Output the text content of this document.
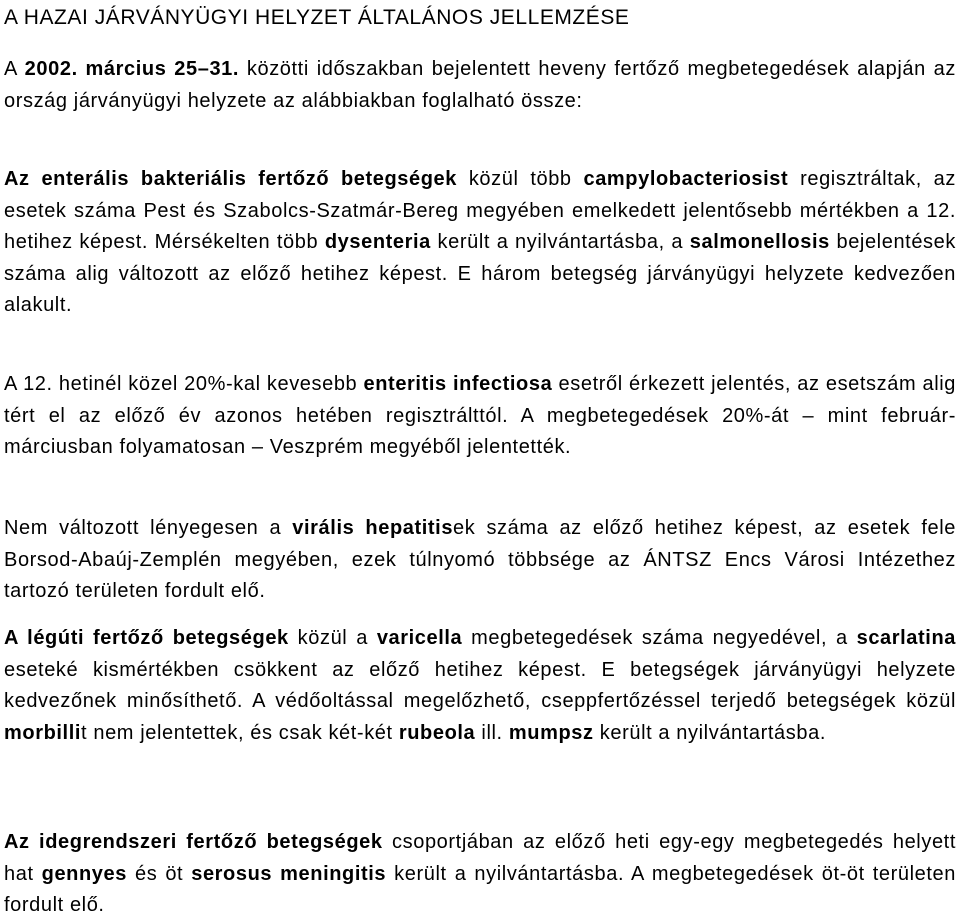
A HAZAI JÁRVÁNYÜGYI HELYZET ÁLTALÁNOS JELLEMZÉSE

A 2002. március 25–31. közötti időszakban bejelentett heveny fertőző megbetegedések alapján az ország járványügyi helyzete az alábbiakban foglalható össze:

Az enterális bakteriális fertőző betegségek közül több campylobacteriosist regisztráltak, az esetek száma Pest és Szabolcs-Szatmár-Bereg megyében emelkedett jelentősebb mértékben a 12. hetihez képest. Mérsékelten több dysenteria került a nyilvántartásba, a salmonellosis bejelentések száma alig változott az előző hetihez képest. E három betegség járványügyi helyzete kedvezően alakult.

A 12. hetinél közel 20%-kal kevesebb enteritis infectiosa esetről érkezett jelentés, az esetszám alig tért el az előző év azonos hetében regisztrálttól. A megbetegedések 20%-át – mint február-márciusban folyamatosan – Veszprém megyéből jelentették.

Nem változott lényegesen a virális hepatitisek száma az előző hetihez képest, az esetek fele Borsod-Abaúj-Zemplén megyében, ezek túlnyomó többsége az ÁNTSZ Encs Városi Intézethez tartozó területen fordult elő.

A légúti fertőző betegségek közül a varicella megbetegedések száma negyedével, a scarlatina eseteké kismértékben csökkent az előző hetihez képest. E betegségek járványügyi helyzete kedvezőnek minősíthető. A védőoltással megelőzhető, cseppfertőzéssel terjedő betegségek közül morbillit nem jelentettek, és csak két-két rubeola ill. mumpsz került a nyilvántartásba.

Az idegrendszeri fertőző betegségek csoportjában az előző heti egy-egy megbetegedés helyett hat gennyes és öt serosus meningitis került a nyilvántartásba. A megbetegedések öt-öt területen fordult elő.
